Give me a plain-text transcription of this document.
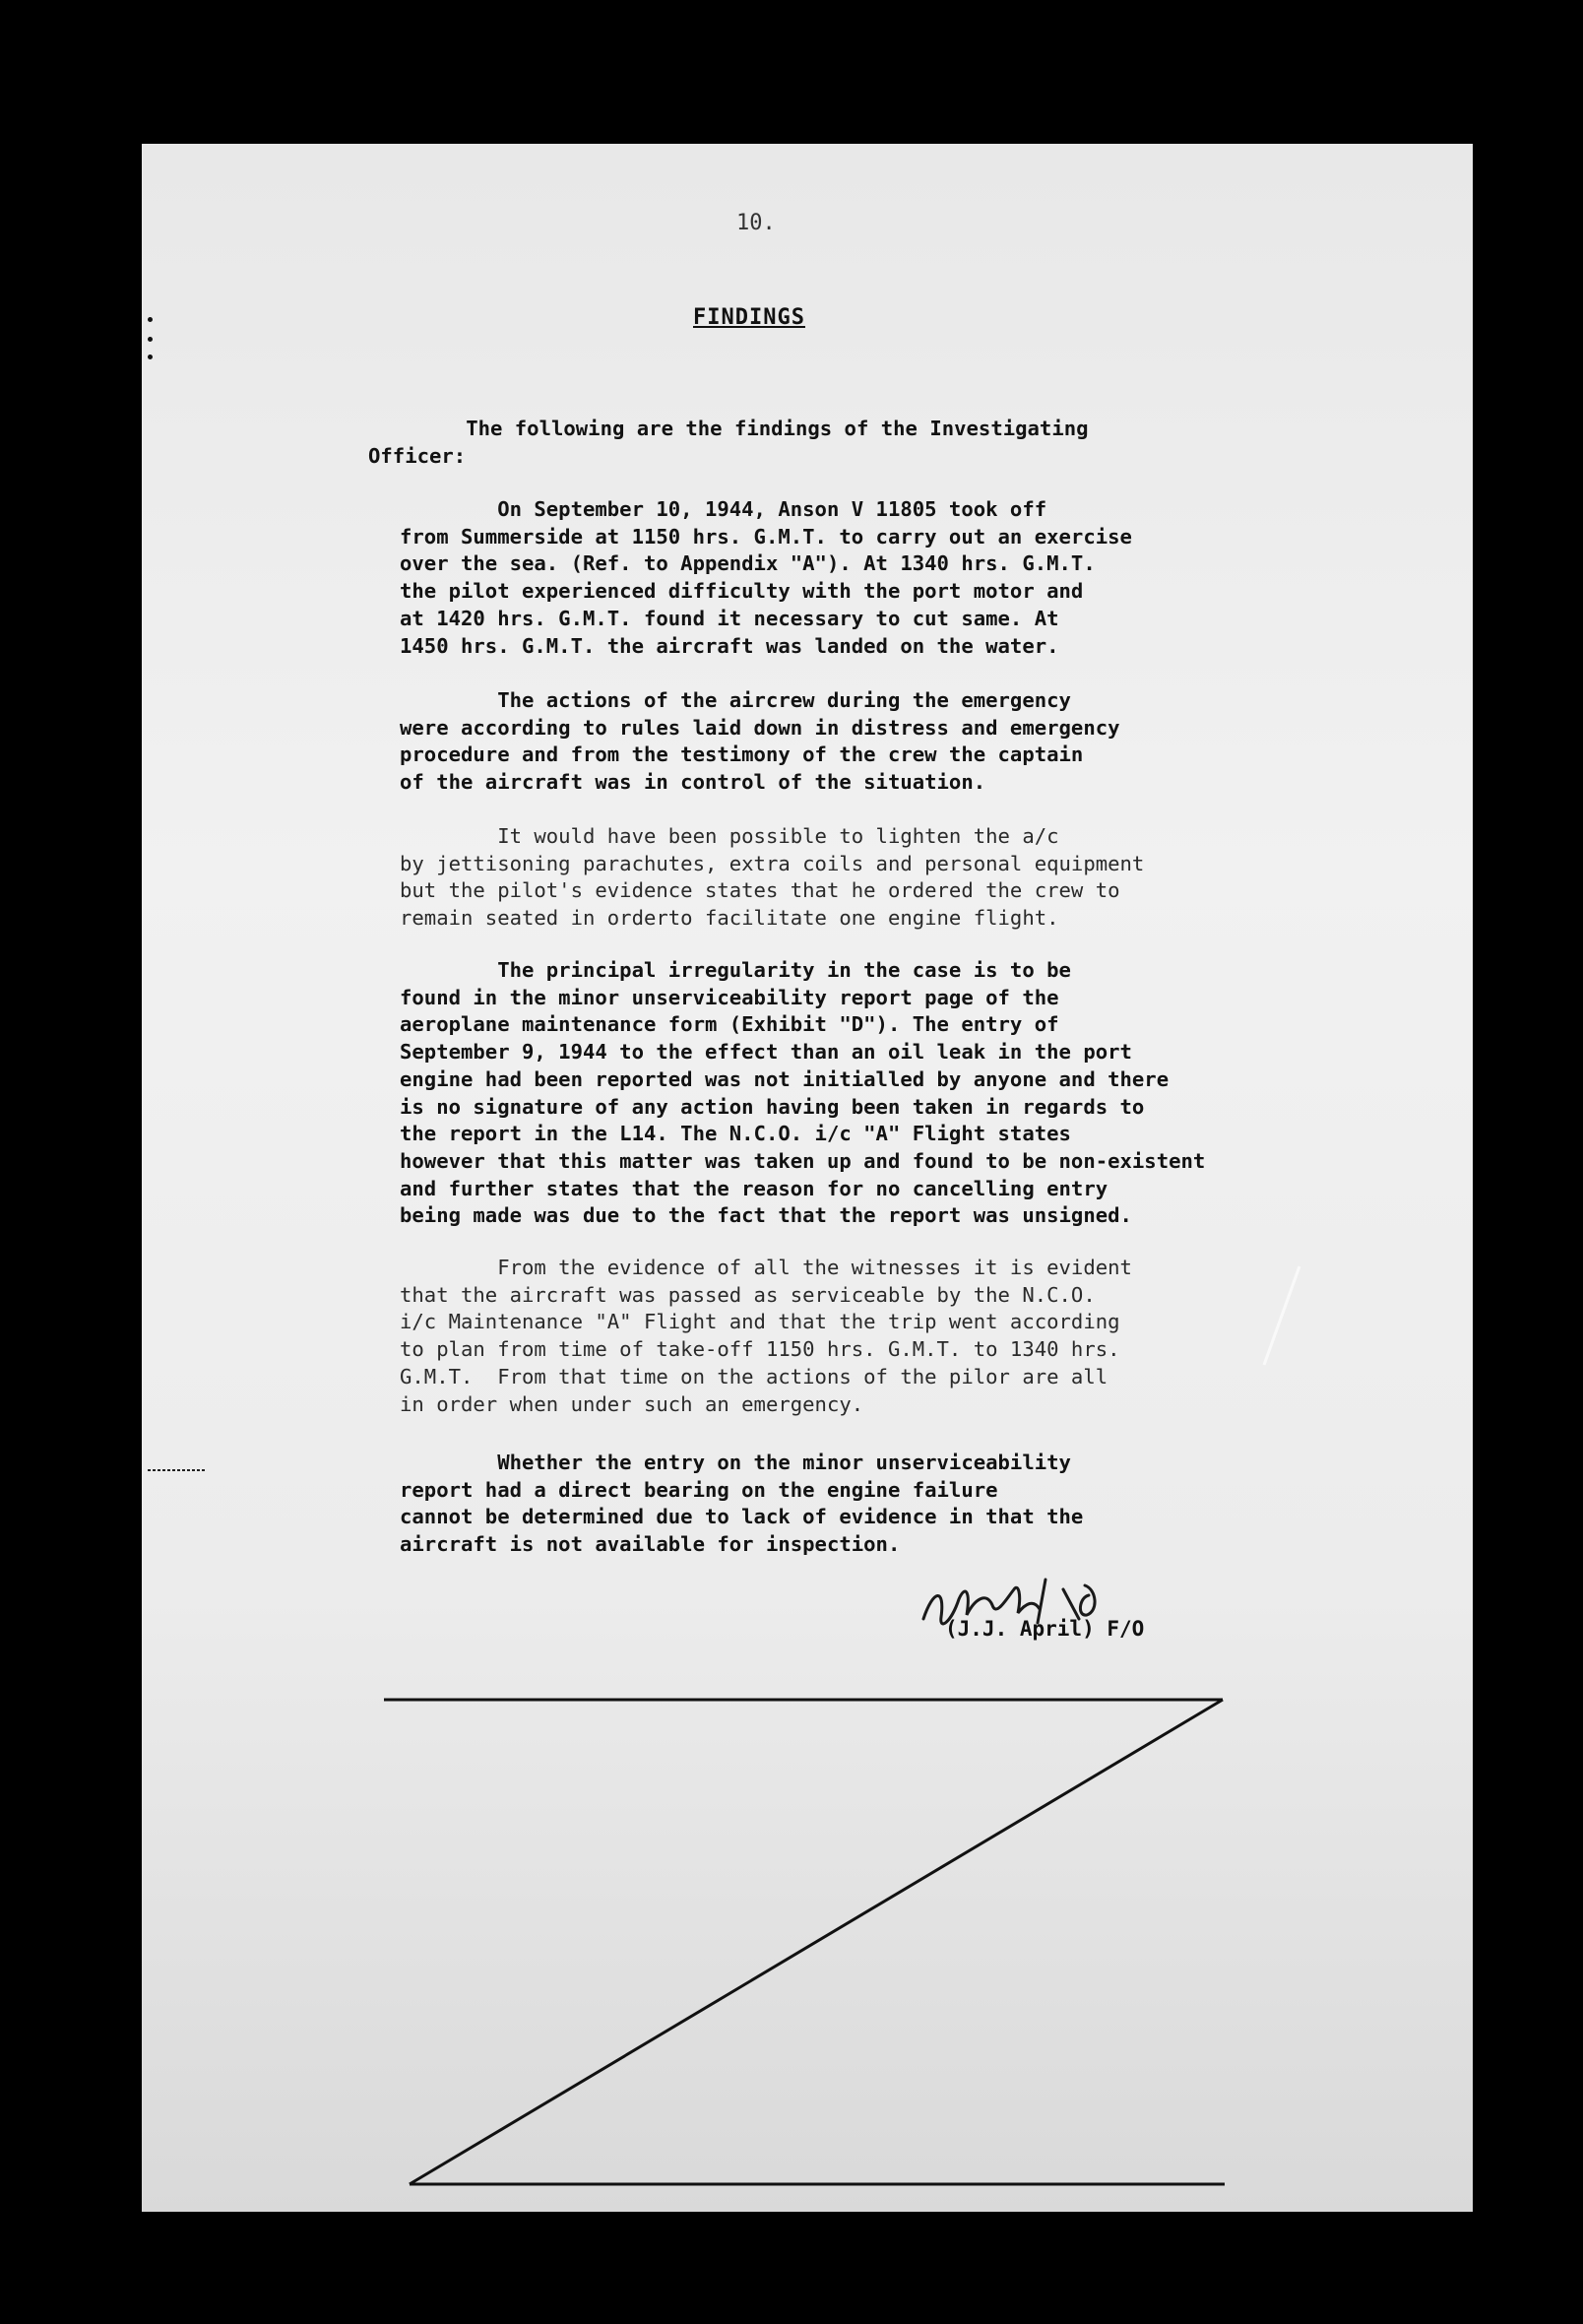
10.
FINDINGS

The following are the findings of the Investigating
Officer:

On September 10, 1944, Anson V 11805 took off
from Summerside at 1150 hrs. G.M.T. to carry out an exercise
over the sea. (Ref. to Appendix "A"). At 1340 hrs. G.M.T.
the pilot experienced difficulty with the port motor and
at 1420 hrs. G.M.T. found it necessary to cut same. At
1450 hrs. G.M.T. the aircraft was landed on the water.

The actions of the aircrew during the emergency
were according to rules laid down in distress and emergency
procedure and from the testimony of the crew the captain
of the aircraft was in control of the situation.

It would have been possible to lighten the a/c
by jettisoning parachutes, extra coils and personal equipment
but the pilot's evidence states that he ordered the crew to
remain seated in orderto facilitate one engine flight.

The principal irregularity in the case is to be
found in the minor unserviceability report page of the
aeroplane maintenance form (Exhibit "D"). The entry of
September 9, 1944 to the effect than an oil leak in the port
engine had been reported was not initialled by anyone and there
is no signature of any action having been taken in regards to
the report in the L14. The N.C.O. i/c "A" Flight states
however that this matter was taken up and found to be non-existent
and further states that the reason for no cancelling entry
being made was due to the fact that the report was unsigned.

From the evidence of all the witnesses it is evident
that the aircraft was passed as serviceable by the N.C.O.
i/c Maintenance "A" Flight and that the trip went according
to plan from time of take-off 1150 hrs. G.M.T. to 1340 hrs.
G.M.T.  From that time on the actions of the pilor are all
in order when under such an emergency.

Whether the entry on the minor unserviceability
report had a direct bearing on the engine failure
cannot be determined due to lack of evidence in that the
aircraft is not available for inspection.

(J.J. April) F/O
